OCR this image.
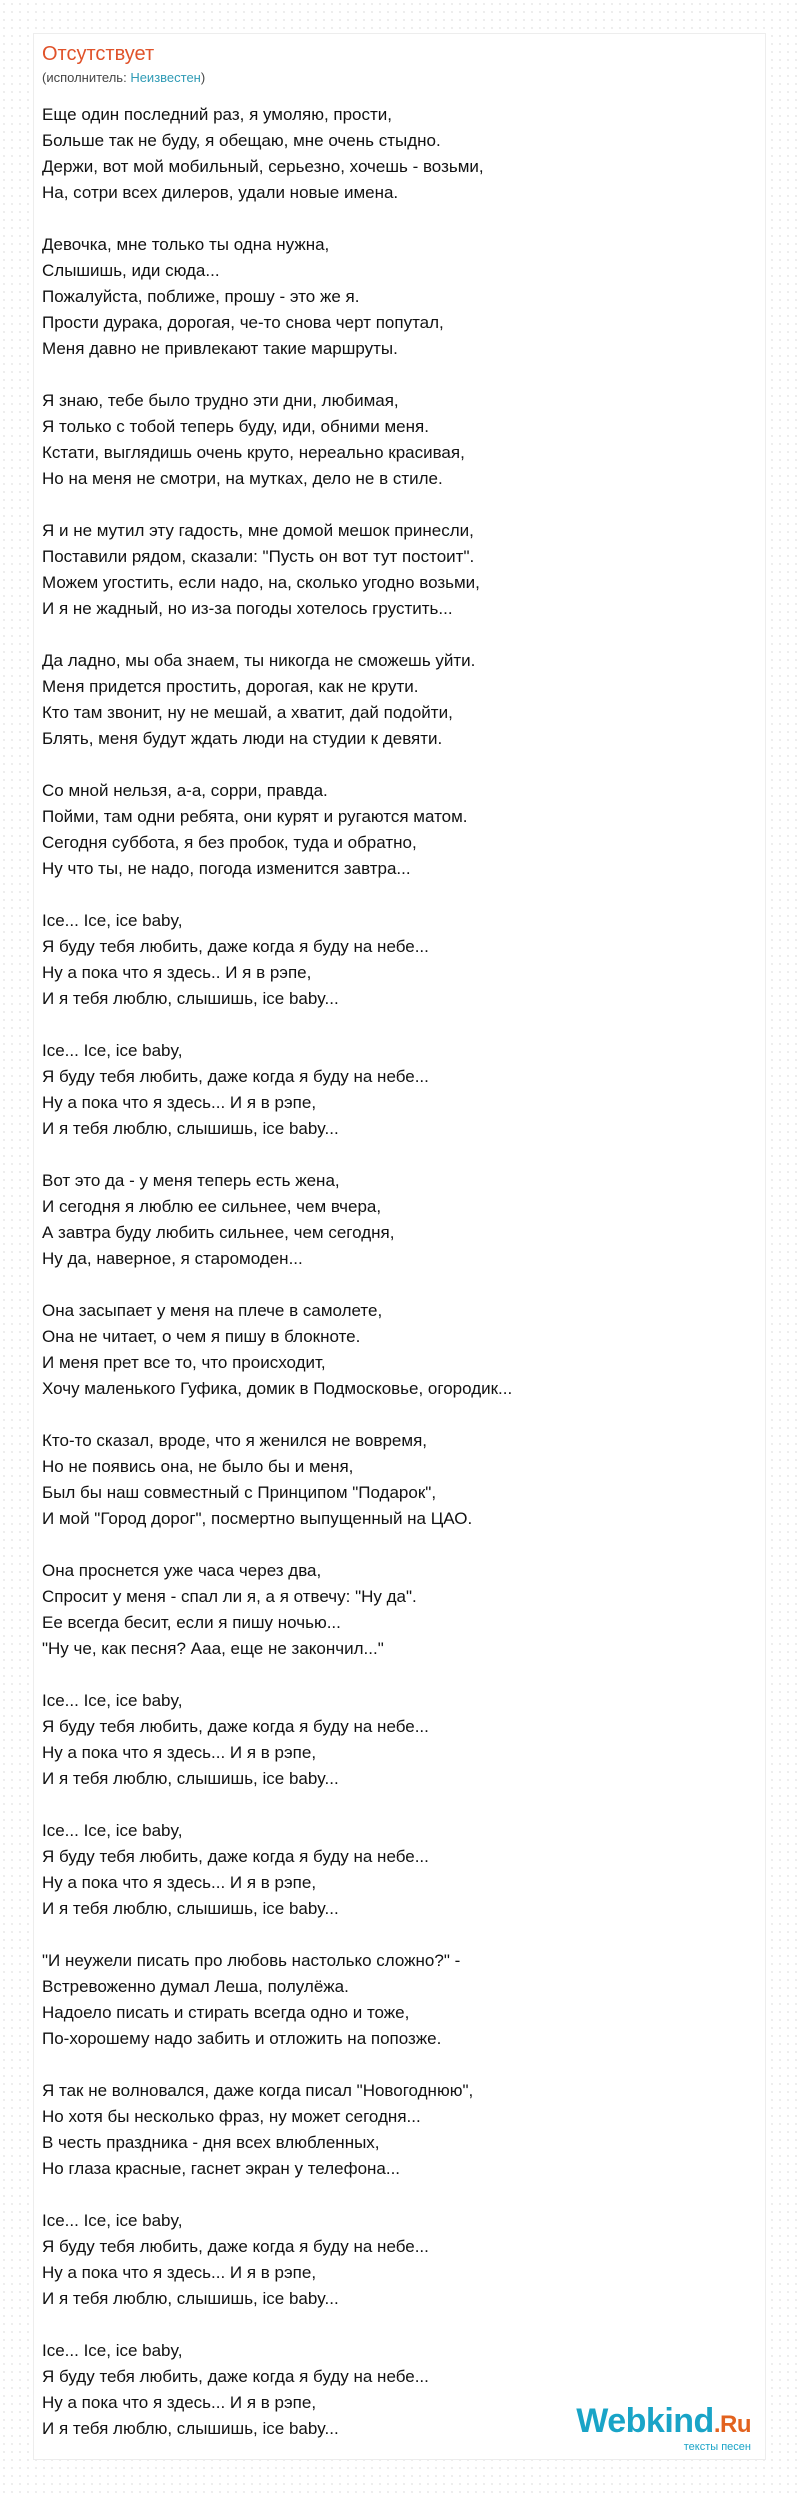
Отсутствует
(исполнитель: Неизвестен)
Еще один последний раз, я умоляю, прости,
Больше так не буду, я обещаю, мне очень стыдно.
Держи, вот мой мобильный, серьезно, хочешь - возьми,
На, сотри всех дилеров, удали новые имена.
Девочка, мне только ты одна нужна,
Слышишь, иди сюда...
Пожалуйста, поближе, прошу - это же я.
Прости дурака, дорогая, че-то снова черт попутал,
Меня давно не привлекают такие маршруты.
Я знаю, тебе было трудно эти дни, любимая,
Я только с тобой теперь буду, иди, обними меня.
Кстати, выглядишь очень круто, нереально красивая,
Но на меня не смотри, на мутках, дело не в стиле.
Я и не мутил эту гадость, мне домой мешок принесли,
Поставили рядом, сказали: "Пусть он вот тут постоит".
Можем угостить, если надо, на, сколько угодно возьми,
И я не жадный, но из-за погоды хотелось грустить...
Да ладно, мы оба знаем, ты никогда не сможешь уйти.
Меня придется простить, дорогая, как не крути.
Кто там звонит, ну не мешай, а хватит, дай подойти,
Блять, меня будут ждать люди на студии к девяти.
Со мной нельзя, а-а, сорри, правда.
Пойми, там одни ребята, они курят и ругаются матом.
Сегодня суббота, я без пробок, туда и обратно,
Ну что ты, не надо, погода изменится завтра...
Ice... Ice, ice baby,
Я буду тебя любить, даже когда я буду на небе...
Ну а пока что я здесь.. И я в рэпе,
И я тебя люблю, слышишь, ice baby...
Ice... Ice, ice baby,
Я буду тебя любить, даже когда я буду на небе...
Ну а пока что я здесь... И я в рэпе,
И я тебя люблю, слышишь, ice baby...
Вот это да - у меня теперь есть жена,
И сегодня я люблю ее сильнее, чем вчера,
А завтра буду любить сильнее, чем сегодня,
Ну да, наверное, я старомоден...
Она засыпает у меня на плече в самолете,
Она не читает, о чем я пишу в блокноте.
И меня прет все то, что происходит,
Хочу маленького Гуфика, домик в Подмосковье, огородик...
Кто-то сказал, вроде, что я женился не вовремя,
Но не появись она, не было бы и меня,
Был бы наш совместный с Принципом "Подарок",
И мой "Город дорог", посмертно выпущенный на ЦАО.
Она проснется уже часа через два,
Спросит у меня - спал ли я, а я отвечу: "Ну да".
Ее всегда бесит, если я пишу ночью...
"Ну че, как песня? Ааа, еще не закончил..."
Ice... Ice, ice baby,
Я буду тебя любить, даже когда я буду на небе...
Ну а пока что я здесь... И я в рэпе,
И я тебя люблю, слышишь, ice baby...
Ice... Ice, ice baby,
Я буду тебя любить, даже когда я буду на небе...
Ну а пока что я здесь... И я в рэпе,
И я тебя люблю, слышишь, ice baby...
"И неужели писать про любовь настолько сложно?" -
Встревоженно думал Леша, полулёжа.
Надоело писать и стирать всегда одно и тоже,
По-хорошему надо забить и отложить на попозже.
Я так не волновался, даже когда писал "Новогоднюю",
Но хотя бы несколько фраз, ну может сегодня...
В честь праздника - дня всех влюбленных,
Но глаза красные, гаснет экран у телефона...
Ice... Ice, ice baby,
Я буду тебя любить, даже когда я буду на небе...
Ну а пока что я здесь... И я в рэпе,
И я тебя люблю, слышишь, ice baby...
Ice... Ice, ice baby,
Я буду тебя любить, даже когда я буду на небе...
Ну а пока что я здесь... И я в рэпе,
И я тебя люблю, слышишь, ice baby...	Webkind.Ru
тексты песен
